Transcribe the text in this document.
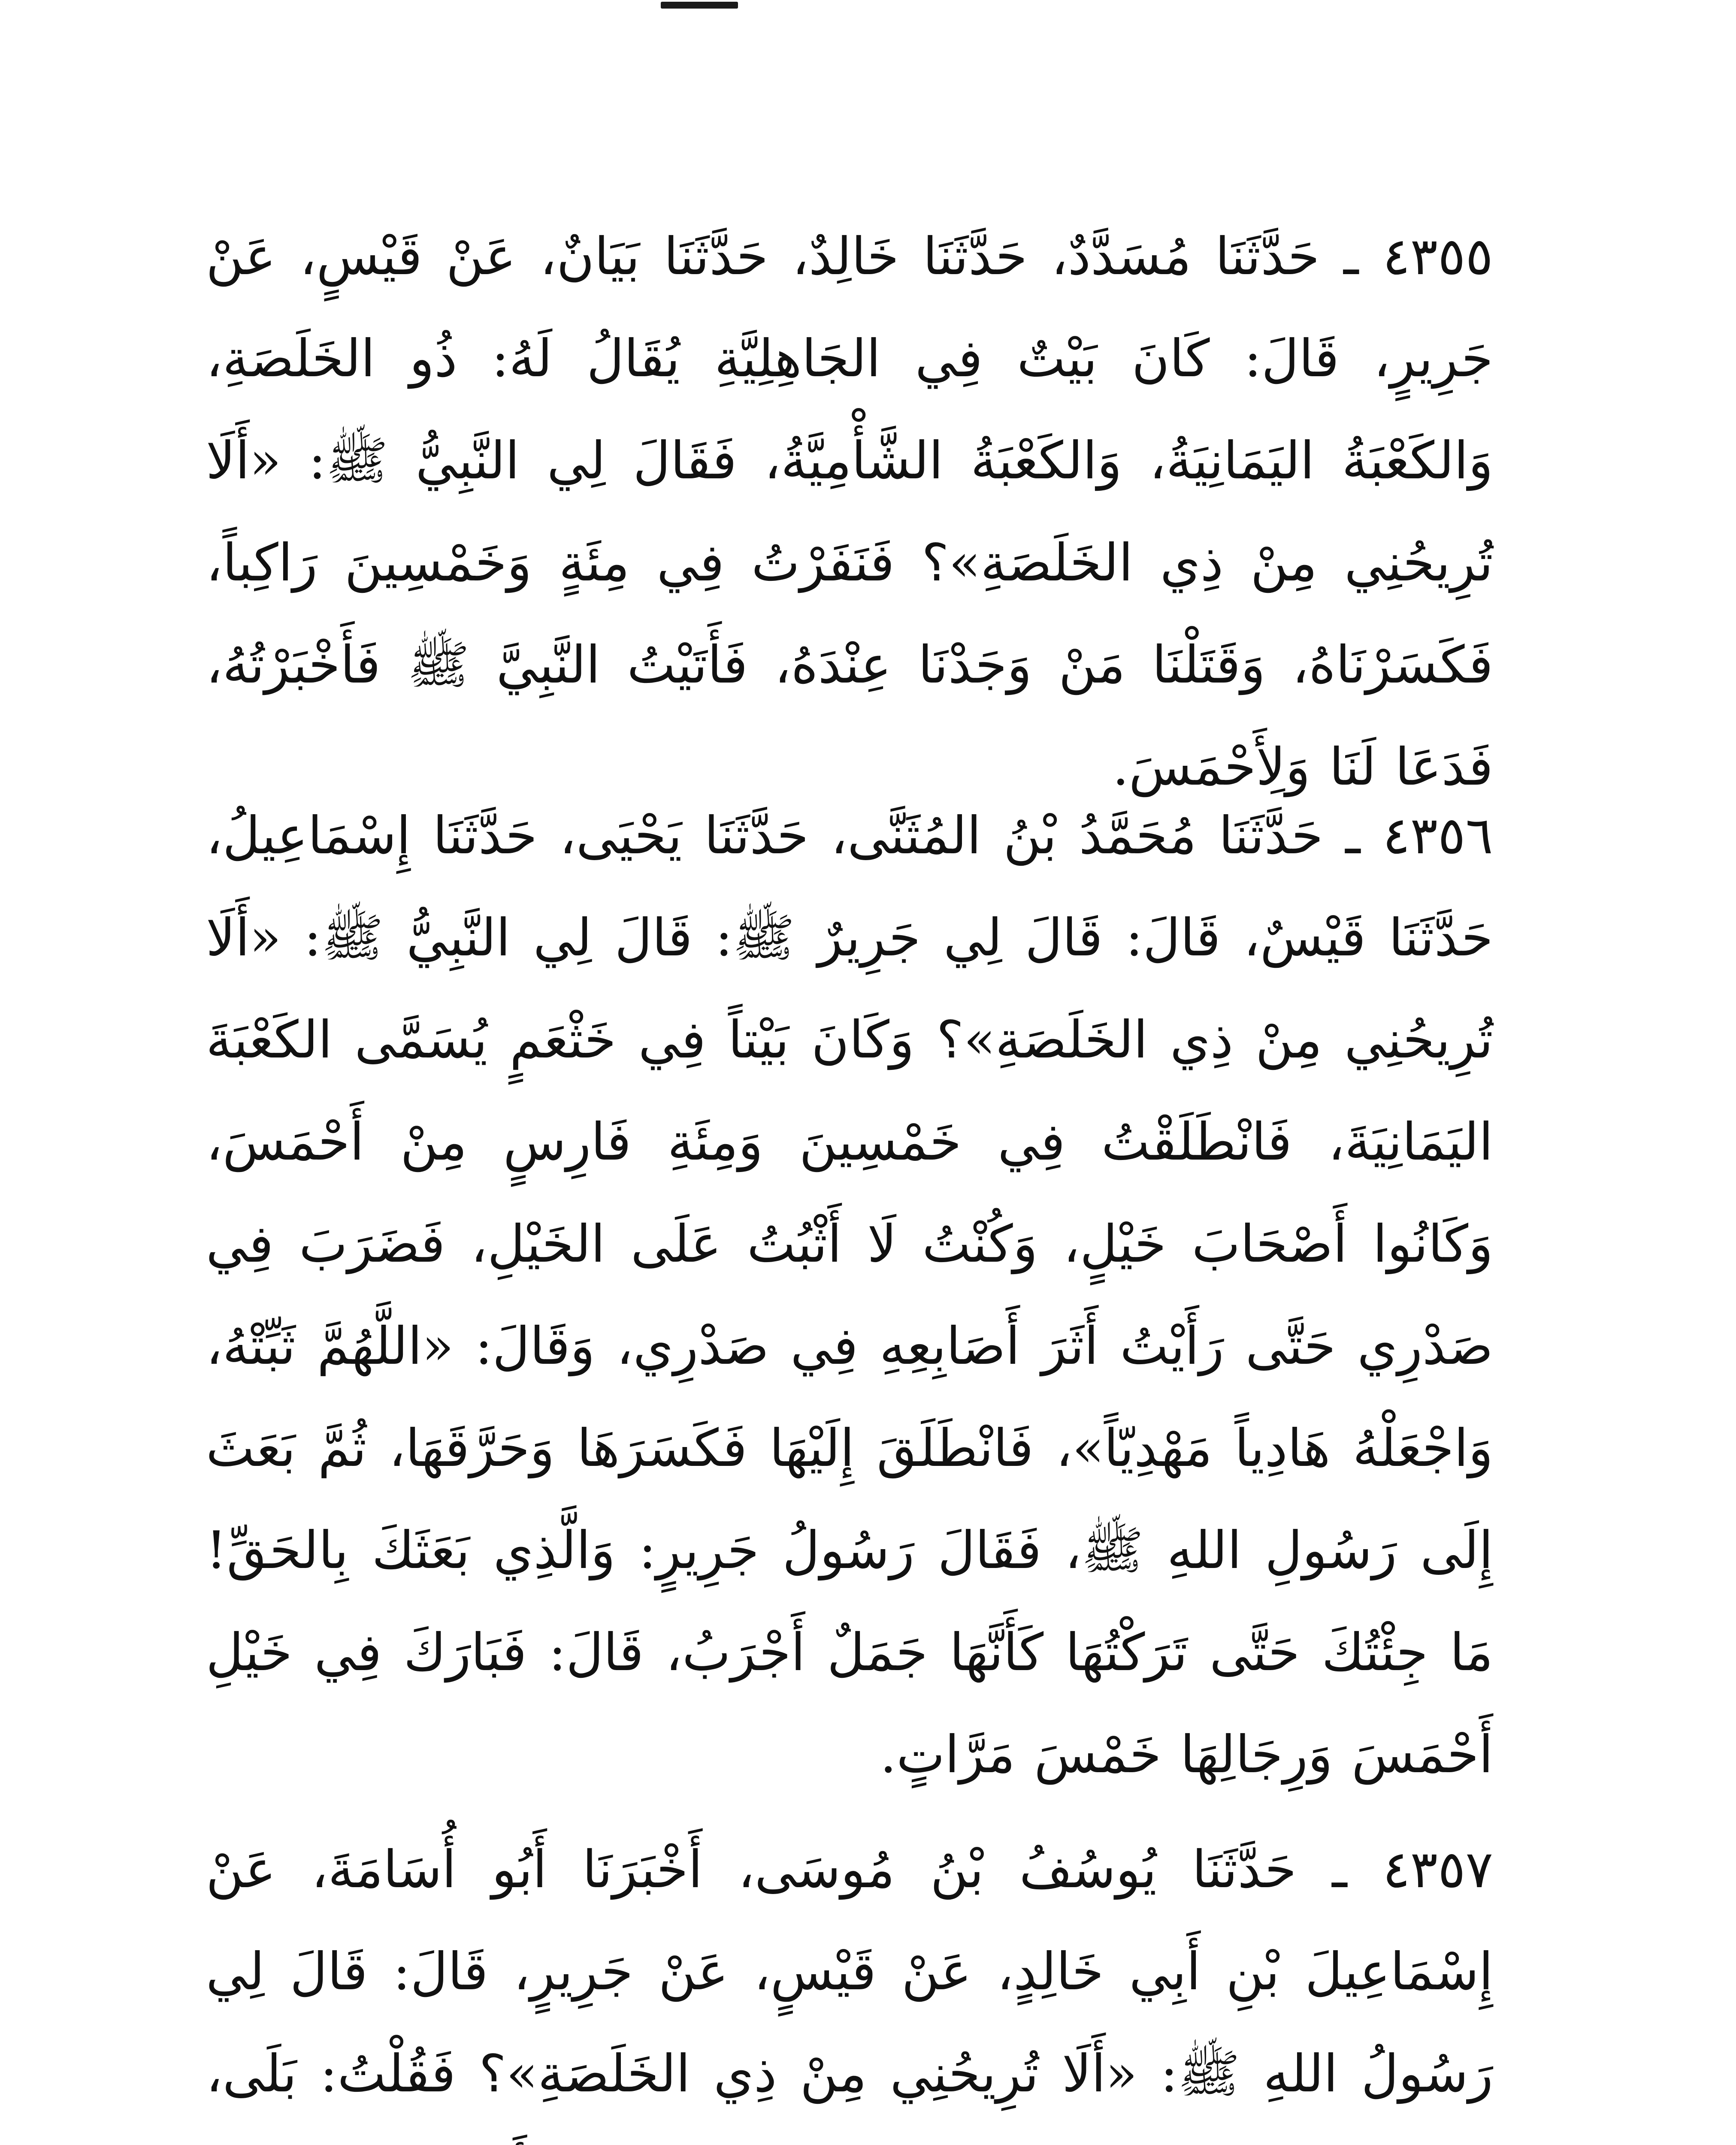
٤٣٥٥ ـ حَدَّثَنَا مُسَدَّدٌ، حَدَّثَنَا خَالِدٌ، حَدَّثَنَا بَيَانٌ، عَنْ قَيْسٍ، عَنْ جَرِيرٍ، قَالَ: كَانَ بَيْتٌ فِي الجَاهِلِيَّةِ يُقَالُ لَهُ: ذُو الخَلَصَةِ، وَالكَعْبَةُ اليَمَانِيَةُ، وَالكَعْبَةُ الشَّأْمِيَّةُ، فَقَالَ لِي النَّبِيُّ ﷺ: «أَلَا تُرِيحُنِي مِنْ ذِي الخَلَصَةِ»؟ فَنَفَرْتُ فِي مِئَةٍ وَخَمْسِينَ رَاكِباً، فَكَسَرْنَاهُ، وَقَتَلْنَا مَنْ وَجَدْنَا عِنْدَهُ، فَأَتَيْتُ النَّبِيَّ ﷺ فَأَخْبَرْتُهُ، فَدَعَا لَنَا وَلِأَحْمَسَ.

٤٣٥٦ ـ حَدَّثَنَا مُحَمَّدُ بْنُ المُثَنَّى، حَدَّثَنَا يَحْيَى، حَدَّثَنَا إِسْمَاعِيلُ، حَدَّثَنَا قَيْسٌ، قَالَ: قَالَ لِي جَرِيرٌ ﷺ: قَالَ لِي النَّبِيُّ ﷺ: «أَلَا تُرِيحُنِي مِنْ ذِي الخَلَصَةِ»؟ وَكَانَ بَيْتاً فِي خَثْعَمٍ يُسَمَّى الكَعْبَةَ اليَمَانِيَةَ، فَانْطَلَقْتُ فِي خَمْسِينَ وَمِئَةِ فَارِسٍ مِنْ أَحْمَسَ، وَكَانُوا أَصْحَابَ خَيْلٍ، وَكُنْتُ لَا أَثْبُتُ عَلَى الخَيْلِ، فَضَرَبَ فِي صَدْرِي حَتَّى رَأَيْتُ أَثَرَ أَصَابِعِهِ فِي صَدْرِي، وَقَالَ: «اللَّهُمَّ ثَبِّتْهُ، وَاجْعَلْهُ هَادِياً مَهْدِيّاً»، فَانْطَلَقَ إِلَيْهَا فَكَسَرَهَا وَحَرَّقَهَا، ثُمَّ بَعَثَ إِلَى رَسُولِ اللهِ ﷺ، فَقَالَ رَسُولُ جَرِيرٍ: وَالَّذِي بَعَثَكَ بِالحَقِّ! مَا جِئْتُكَ حَتَّى تَرَكْتُهَا كَأَنَّهَا جَمَلٌ أَجْرَبُ، قَالَ: فَبَارَكَ فِي خَيْلِ أَحْمَسَ وَرِجَالِهَا خَمْسَ مَرَّاتٍ.

٤٣٥٧ ـ حَدَّثَنَا يُوسُفُ بْنُ مُوسَى، أَخْبَرَنَا أَبُو أُسَامَةَ، عَنْ إِسْمَاعِيلَ بْنِ أَبِي خَالِدٍ، عَنْ قَيْسٍ، عَنْ جَرِيرٍ، قَالَ: قَالَ لِي رَسُولُ اللهِ ﷺ: «أَلَا تُرِيحُنِي مِنْ ذِي الخَلَصَةِ»؟ فَقُلْتُ: بَلَى،
